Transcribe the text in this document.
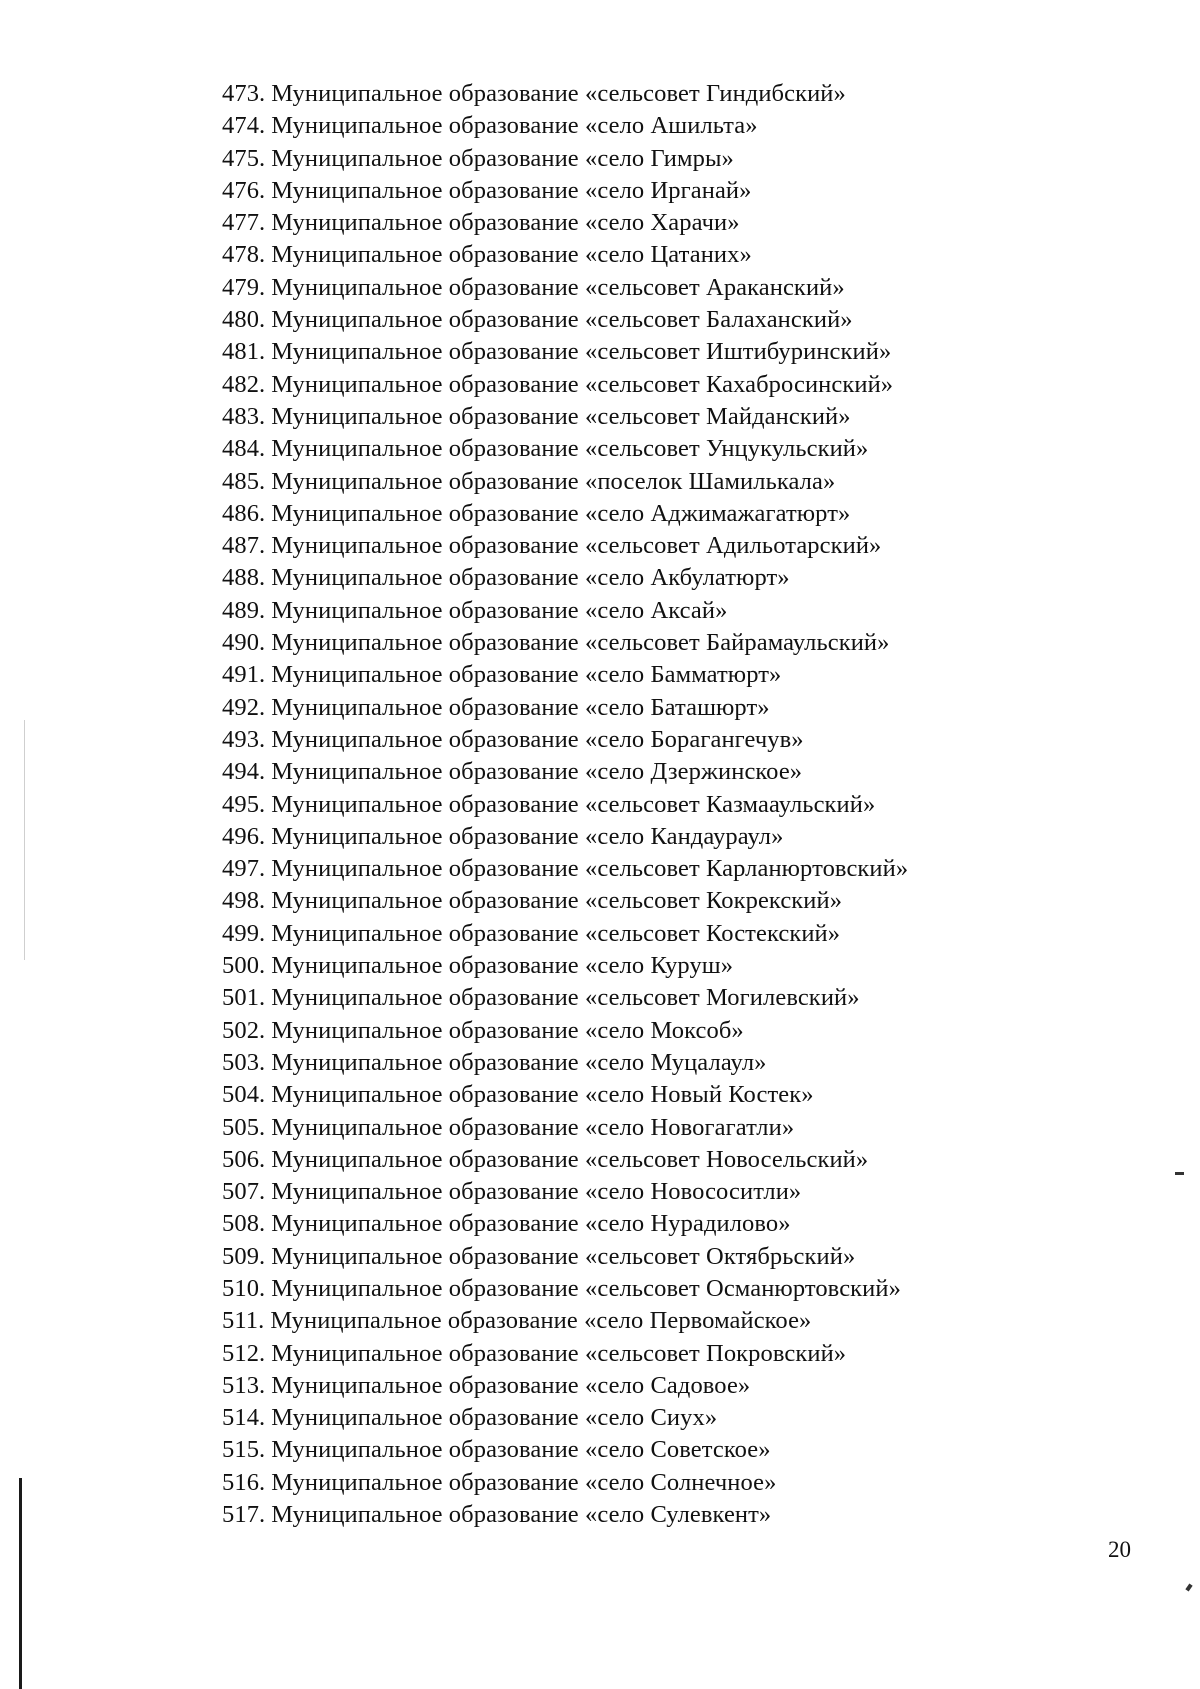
473. Муниципальное образование «сельсовет Гиндибский»
474. Муниципальное образование «село Ашильта»
475. Муниципальное образование «село Гимры»
476. Муниципальное образование «село Ирганай»
477. Муниципальное образование «село Харачи»
478. Муниципальное образование «село Цатаних»
479. Муниципальное образование «сельсовет Араканский»
480. Муниципальное образование «сельсовет Балаханский»
481. Муниципальное образование «сельсовет Иштибуринский»
482. Муниципальное образование «сельсовет Кахабросинский»
483. Муниципальное образование «сельсовет Майданский»
484. Муниципальное образование «сельсовет Унцукульский»
485. Муниципальное образование «поселок Шамилькала»
486. Муниципальное образование «село Аджимажагатюрт»
487. Муниципальное образование «сельсовет Адильотарский»
488. Муниципальное образование «село Акбулатюрт»
489. Муниципальное образование «село Аксай»
490. Муниципальное образование «сельсовет Байрамаульский»
491. Муниципальное образование «село Бамматюрт»
492. Муниципальное образование «село Баташюрт»
493. Муниципальное образование «село Борагангечув»
494. Муниципальное образование «село Дзержинское»
495. Муниципальное образование «сельсовет Казмааульский»
496. Муниципальное образование «село Кандаураул»
497. Муниципальное образование «сельсовет Карланюртовский»
498. Муниципальное образование «сельсовет Кокрекский»
499. Муниципальное образование «сельсовет Костекский»
500. Муниципальное образование «село Куруш»
501. Муниципальное образование «сельсовет Могилевский»
502. Муниципальное образование «село Моксоб»
503. Муниципальное образование «село Муцалаул»
504. Муниципальное образование «село Новый Костек»
505. Муниципальное образование «село Новогагатли»
506. Муниципальное образование «сельсовет Новосельский»
507. Муниципальное образование «село Новососитли»
508. Муниципальное образование «село Нурадилово»
509. Муниципальное образование «сельсовет Октябрьский»
510. Муниципальное образование «сельсовет Османюртовский»
511. Муниципальное образование «село Первомайское»
512. Муниципальное образование «сельсовет Покровский»
513. Муниципальное образование «село Садовое»
514. Муниципальное образование «село Сиух»
515. Муниципальное образование «село Советское»
516. Муниципальное образование «село Солнечное»
517. Муниципальное образование «село Сулевкент»
20
